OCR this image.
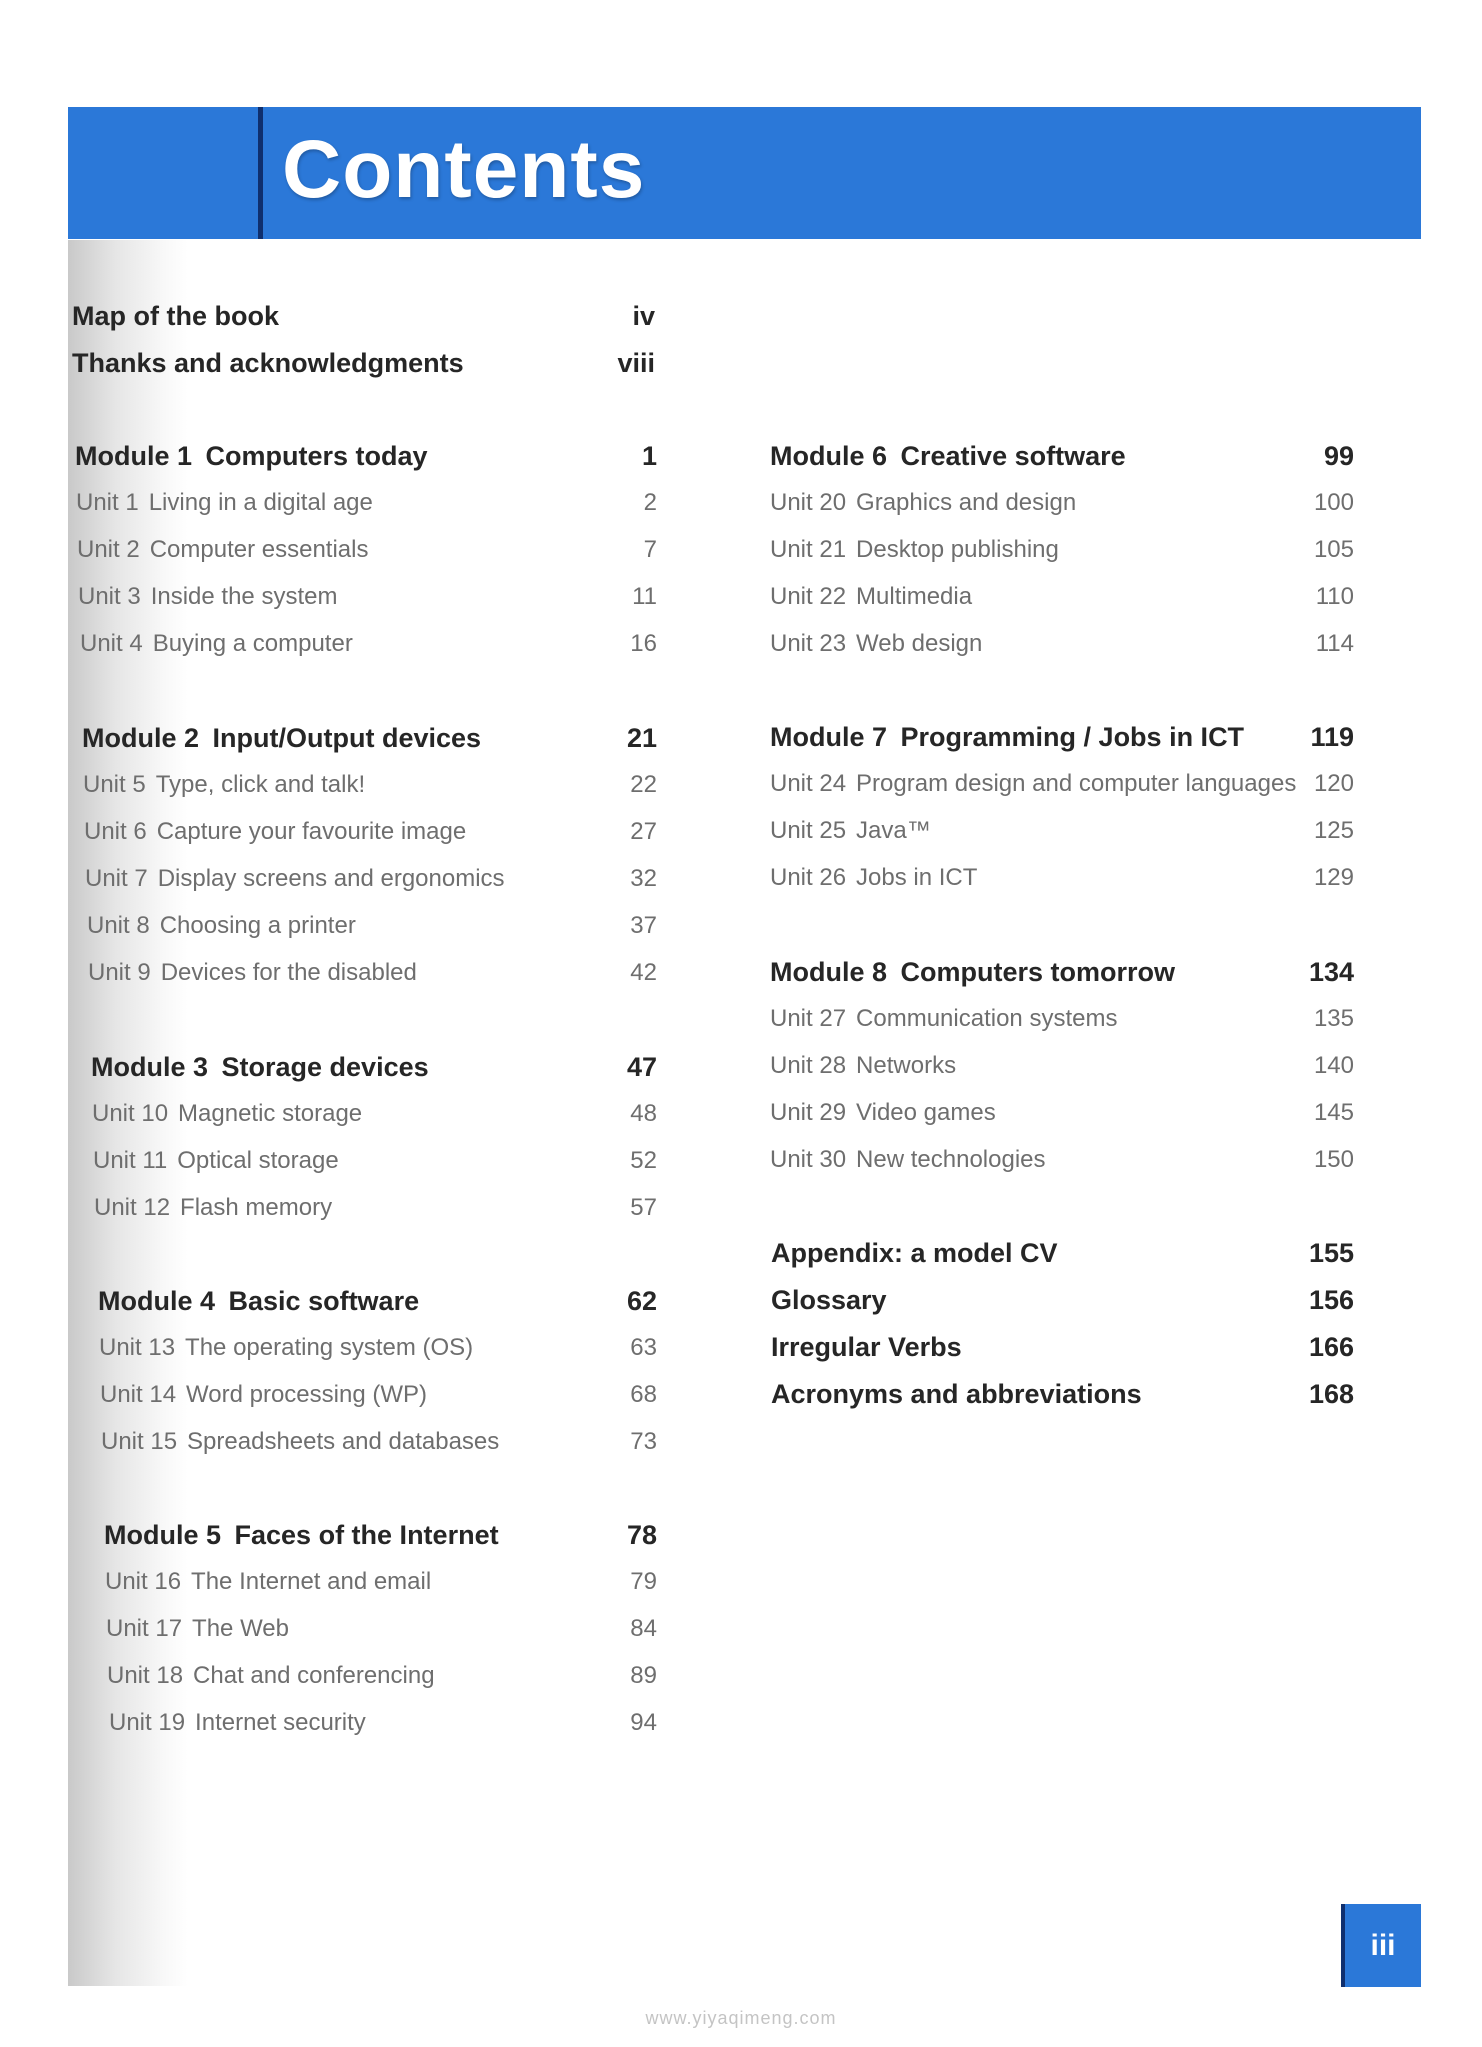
Contents
Map of the book	iv
Thanks and acknowledgments	viii
Module 1  Computers today	1
Unit 1 Living in a digital age	2
Unit 2 Computer essentials	7
Unit 3 Inside the system	11
Unit 4 Buying a computer	16
Module 2  Input/Output devices	21
Unit 5 Type, click and talk!	22
Unit 6 Capture your favourite image	27
Unit 7 Display screens and ergonomics	32
Unit 8 Choosing a printer	37
Unit 9 Devices for the disabled	42
Module 3  Storage devices	47
Unit 10 Magnetic storage	48
Unit 11 Optical storage	52
Unit 12 Flash memory	57
Module 4  Basic software	62
Unit 13 The operating system (OS)	63
Unit 14 Word processing (WP)	68
Unit 15 Spreadsheets and databases	73
Module 5  Faces of the Internet	78
Unit 16 The Internet and email	79
Unit 17 The Web	84
Unit 18 Chat and conferencing	89
Unit 19 Internet security	94
Module 6  Creative software	99
Unit 20 Graphics and design	100
Unit 21 Desktop publishing	105
Unit 22 Multimedia	110
Unit 23 Web design	114
Module 7  Programming / Jobs in ICT 119
Unit 24 Program design and computer languages 120
Unit 25 Java™	125
Unit 26 Jobs in ICT	129
Module 8  Computers tomorrow	134
Unit 27 Communication systems	135
Unit 28 Networks	140
Unit 29 Video games	145
Unit 30 New technologies	150
Appendix: a model CV	155
Glossary	156
Irregular Verbs	166
Acronyms and abbreviations	168
iii
www.yiyaqimeng.com
